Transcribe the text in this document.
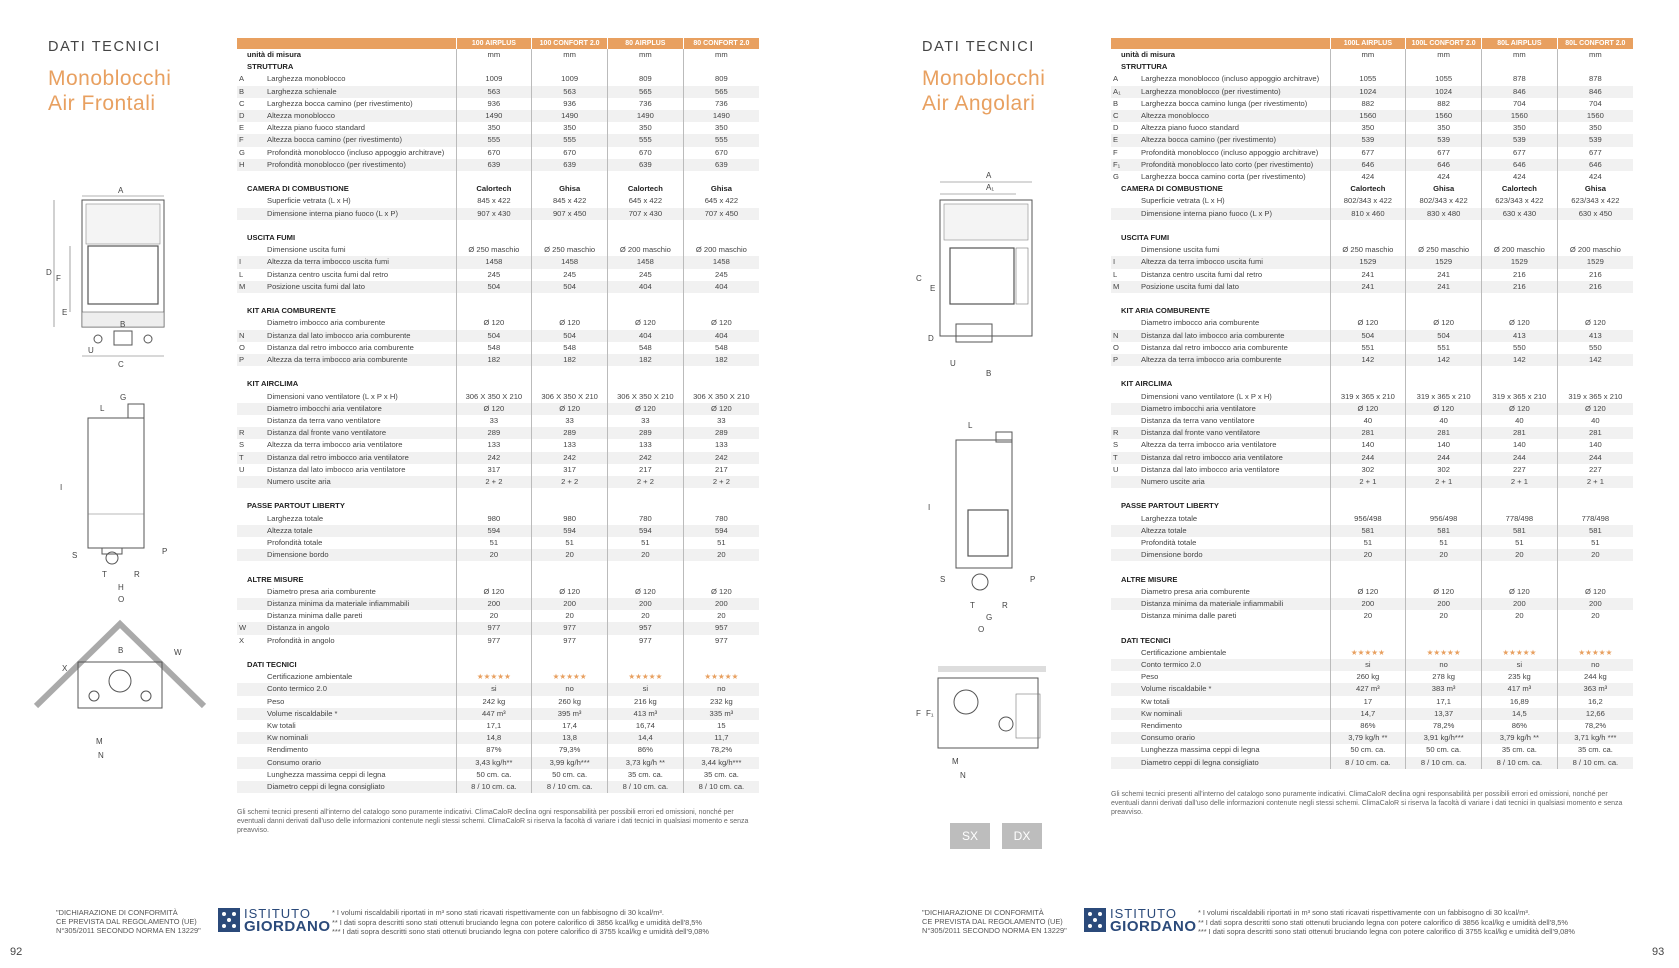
DATI TECNICI
Monoblocchi
Air Frontali
A
B
C
D
E
F
U
G
L
I
S
T	R
P
H
O
B
X
W
M
N
		100 AIRPLUS	100 CONFORT 2.0	80 AIRPLUS	80 CONFORT 2.0
unità di misura		mm	mm	mm	mm
STRUTTURA					
A	Larghezza monoblocco	1009	1009	809	809
B	Larghezza schienale	563	563	565	565
C	Larghezza bocca camino (per rivestimento)	936	936	736	736
D	Altezza monoblocco	1490	1490	1490	1490
E	Altezza piano fuoco standard	350	350	350	350
F	Altezza bocca camino (per rivestimento)	555	555	555	555
G	Profondità monoblocco (incluso appoggio architrave)	670	670	670	670
H	Profondità monoblocco (per rivestimento)	639	639	639	639

CAMERA DI COMBUSTIONE		Calortech	Ghisa	Calortech	Ghisa
	Superficie vetrata (L x H)	845 x 422	845 x 422	645 x 422	645 x 422
	Dimensione interna piano fuoco (L x P)	907 x 430	907 x 450	707 x 430	707 x 450

USCITA FUMI					
	Dimensione uscita fumi	Ø 250 maschio	Ø 250 maschio	Ø 200 maschio	Ø 200 maschio
I	Altezza da terra imbocco uscita fumi	1458	1458	1458	1458
L	Distanza centro uscita fumi dal retro	245	245	245	245
M	Posizione uscita fumi dal lato	504	504	404	404

KIT ARIA COMBURENTE					
	Diametro imbocco aria comburente	Ø 120	Ø 120	Ø 120	Ø 120
N	Distanza dal lato imbocco aria comburente	504	504	404	404
O	Distanza dal retro imbocco aria comburente	548	548	548	548
P	Altezza da terra imbocco aria comburente	182	182	182	182

KIT AIRCLIMA					
	Dimensioni vano ventilatore (L x P x H)	306 X 350 X 210	306 X 350 X 210	306 X 350 X 210	306 X 350 X 210
	Diametro imbocchi aria ventilatore	Ø 120	Ø 120	Ø 120	Ø 120
	Distanza da terra vano ventilatore	33	33	33	33
R	Distanza dal fronte vano ventilatore	289	289	289	289
S	Altezza da terra imbocco aria ventilatore	133	133	133	133
T	Distanza dal retro imbocco aria ventilatore	242	242	242	242
U	Distanza dal lato imbocco aria ventilatore	317	317	217	217
	Numero uscite aria	2 + 2	2 + 2	2 + 2	2 + 2

PASSE PARTOUT LIBERTY					
	Larghezza totale	980	980	780	780
	Altezza totale	594	594	594	594
	Profondità totale	51	51	51	51
	Dimensione bordo	20	20	20	20

ALTRE MISURE					
	Diametro presa aria comburente	Ø 120	Ø 120	Ø 120	Ø 120
	Distanza minima da materiale infiammabili	200	200	200	200
	Distanza minima dalle pareti	20	20	20	20
W	Distanza in angolo	977	977	957	957
X	Profondità in angolo	977	977	977	977

DATI TECNICI					
	Certificazione ambientale	★★★★★	★★★★★	★★★★★	★★★★★
	Conto termico 2.0	si	no	si	no
	Peso	242 kg	260 kg	216 kg	232 kg
	Volume riscaldabile *	447 m³	395 m³	413 m³	335 m³
	Kw totali	17,1	17,4	16,74	15
	Kw nominali	14,8	13,8	14,4	11,7
	Rendimento	87%	79,3%	86%	78,2%
	Consumo orario	3,43 kg/h**	3,99 kg/h***	3,73 kg/h **	3,44 kg/h***
	Lunghezza massima ceppi di legna	50 cm. ca.	50 cm. ca.	35 cm. ca.	35 cm. ca.
	Diametro ceppi di legna consigliato	8 / 10 cm. ca.	8 / 10 cm. ca.	8 / 10 cm. ca.	8 / 10 cm. ca.
Gli schemi tecnici presenti all'interno del catalogo sono puramente indicativi. ClimaCaloR declina ogni responsabilità per possibili errori ed omissioni, nonché per eventuali danni derivati dall'uso delle informazioni contenute negli stessi schemi. ClimaCaloR si riserva la facoltà di variare i dati tecnici in qualsiasi momento e senza preavviso.
"DICHIARAZIONE DI CONFORMITÀ
CE PREVISTA DAL REGOLAMENTO (UE)
N°305/2011 SECONDO NORMA EN 13229"
ISTITUTO
GIORDANO
* I volumi riscaldabili riportati in m³ sono stati ricavati rispettivamente con un fabbisogno di 30 kcal/m³.
** I dati sopra descritti sono stati ottenuti bruciando legna con potere calorifico di 3856 kcal/kg e umidità dell'8,5%
*** I dati sopra descritti sono stati ottenuti bruciando legna con potere calorifico di 3755 kcal/kg e umidità dell'9,08%
92
DATI TECNICI
Monoblocchi
Air Angolari
A
A₁
C
E
D
U
B
L
I
S
T	R
P
G
O
F F₁
M
N
SX	DX
		100L AIRPLUS	100L CONFORT 2.0	80L AIRPLUS	80L CONFORT 2.0
unità di misura		mm	mm	mm	mm
STRUTTURA					
A	Larghezza monoblocco (incluso appoggio architrave)	1055	1055	878	878
A₁	Larghezza monoblocco (per rivestimento)	1024	1024	846	846
B	Larghezza bocca camino lunga (per rivestimento)	882	882	704	704
C	Altezza monoblocco	1560	1560	1560	1560
D	Altezza piano fuoco standard	350	350	350	350
E	Altezza bocca camino (per rivestimento)	539	539	539	539
F	Profondità monoblocco (incluso appoggio architrave)	677	677	677	677
F₁	Profondità monoblocco lato corto (per rivestimento)	646	646	646	646
G	Larghezza bocca camino corta (per rivestimento)	424	424	424	424
CAMERA DI COMBUSTIONE		Calortech	Ghisa	Calortech	Ghisa
	Superficie vetrata (L x H)	802/343 x 422	802/343 x 422	623/343 x 422	623/343 x 422
	Dimensione interna piano fuoco (L x P)	810 x 460	830 x 480	630 x 430	630 x 450

USCITA FUMI					
	Dimensione uscita fumi	Ø 250 maschio	Ø 250 maschio	Ø 200 maschio	Ø 200 maschio
I	Altezza da terra imbocco uscita fumi	1529	1529	1529	1529
L	Distanza centro uscita fumi dal retro	241	241	216	216
M	Posizione uscita fumi dal lato	241	241	216	216

KIT ARIA COMBURENTE					
	Diametro imbocco aria comburente	Ø 120	Ø 120	Ø 120	Ø 120
N	Distanza dal lato imbocco aria comburente	504	504	413	413
O	Distanza dal retro imbocco aria comburente	551	551	550	550
P	Altezza da terra imbocco aria comburente	142	142	142	142

KIT AIRCLIMA					
	Dimensioni vano ventilatore (L x P x H)	319 x 365 x 210	319 x 365 x 210	319 x 365 x 210	319 x 365 x 210
	Diametro imbocchi aria ventilatore	Ø 120	Ø 120	Ø 120	Ø 120
	Distanza da terra vano ventilatore	40	40	40	40
R	Distanza dal fronte vano ventilatore	281	281	281	281
S	Altezza da terra imbocco aria ventilatore	140	140	140	140
T	Distanza dal retro imbocco aria ventilatore	244	244	244	244
U	Distanza dal lato imbocco aria ventilatore	302	302	227	227
	Numero uscite aria	2 + 1	2 + 1	2 + 1	2 + 1

PASSE PARTOUT LIBERTY					
	Larghezza totale	956/498	956/498	778/498	778/498
	Altezza totale	581	581	581	581
	Profondità totale	51	51	51	51
	Dimensione bordo	20	20	20	20

ALTRE MISURE					
	Diametro presa aria comburente	Ø 120	Ø 120	Ø 120	Ø 120
	Distanza minima da materiale infiammabili	200	200	200	200
	Distanza minima dalle pareti	20	20	20	20

DATI TECNICI					
	Certificazione ambientale	★★★★★	★★★★★	★★★★★	★★★★★
	Conto termico 2.0	si	no	si	no
	Peso	260 kg	278 kg	235 kg	244 kg
	Volume riscaldabile *	427 m³	383 m³	417 m³	363 m³
	Kw totali	17	17,1	16,89	16,2
	Kw nominali	14,7	13,37	14,5	12,66
	Rendimento	86%	78,2%	86%	78,2%
	Consumo orario	3,79 kg/h **	3,91 kg/h***	3,79 kg/h **	3,71 kg/h ***
	Lunghezza massima ceppi di legna	50 cm. ca.	50 cm. ca.	35 cm. ca.	35 cm. ca.
	Diametro ceppi di legna consigliato	8 / 10 cm. ca.	8 / 10 cm. ca.	8 / 10 cm. ca.	8 / 10 cm. ca.
Gli schemi tecnici presenti all'interno del catalogo sono puramente indicativi. ClimaCaloR declina ogni responsabilità per possibili errori ed omissioni, nonché per eventuali danni derivati dall'uso delle informazioni contenute negli stessi schemi. ClimaCaloR si riserva la facoltà di variare i dati tecnici in qualsiasi momento e senza preavviso.
"DICHIARAZIONE DI CONFORMITÀ
CE PREVISTA DAL REGOLAMENTO (UE)
N°305/2011 SECONDO NORMA EN 13229"
ISTITUTO
GIORDANO
* I volumi riscaldabili riportati in m³ sono stati ricavati rispettivamente con un fabbisogno di 30 kcal/m³.
** I dati sopra descritti sono stati ottenuti bruciando legna con potere calorifico di 3856 kcal/kg e umidità dell'8,5%
*** I dati sopra descritti sono stati ottenuti bruciando legna con potere calorifico di 3755 kcal/kg e umidità dell'9,08%
93
